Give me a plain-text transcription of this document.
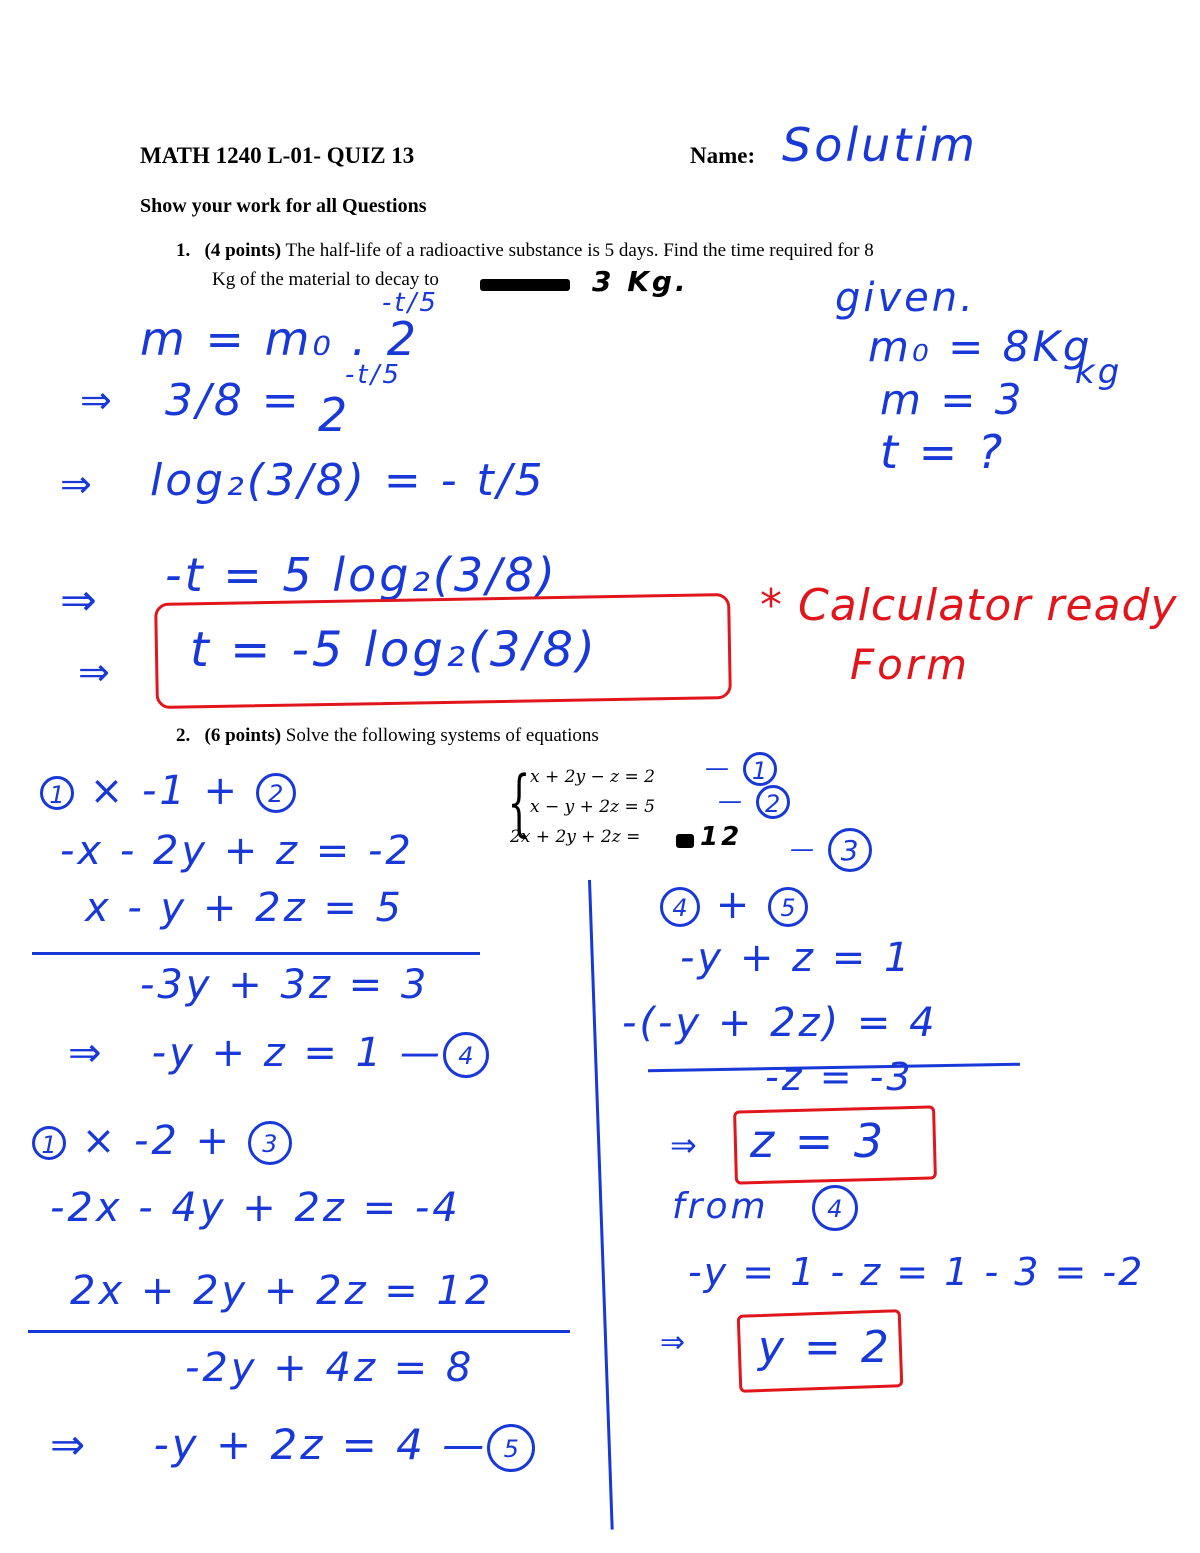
MATH 1240 L-01- QUIZ 13	Name: Solutim
Show your work for all Questions
1. (4 points) The half-life of a radioactive substance is 5 days. Find the time required for 8
Kg of the material to decay to	3 Kg.
m = m₀ . 2
-t/5
⇒ 3/8 = 2
-t/5
⇒ log₂(3/8) = - t/5
⇒ -t = 5 log₂(3/8)
⇒ t = -5 log₂(3/8)
given.
m₀ = 8Kg
kg
m = 3
t = ?
* Calculator ready
Form
2. (6 points) Solve the following systems of equations
{ x + 2y − z = 2
x − y + 2z = 5
2x + 2y + 2z = 12
— 1
— 2
— 3
1 × -1 + 2
-x - 2y + z = -2
x - y + 2z = 5
-3y + 3z = 3
⇒ -y + z = 1 — 4
1 × -2 + 3
-2x - 4y + 2z = -4
2x + 2y + 2z = 12
-2y + 4z = 8
⇒ -y + 2z = 4 — 5
4 + 5
-y + z = 1
-(-y + 2z) = 4
-z = -3
⇒ z = 3
from 4
-y = 1 - z = 1 - 3 = -2
⇒ y = 2
